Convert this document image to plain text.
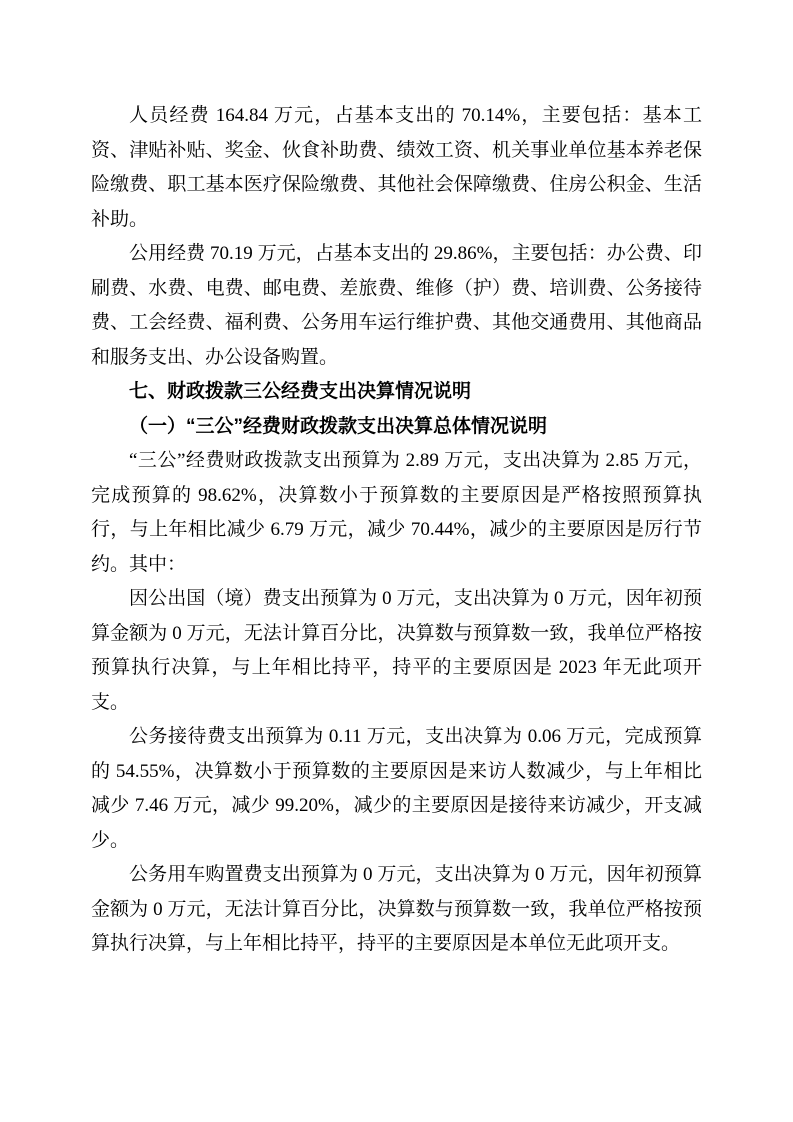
人员经费 164.84 万元，占基本支出的 70.14%，主要包括：基本工资、津贴补贴、奖金、伙食补助费、绩效工资、机关事业单位基本养老保险缴费、职工基本医疗保险缴费、其他社会保障缴费、住房公积金、生活补助。

公用经费 70.19 万元，占基本支出的 29.86%，主要包括：办公费、印刷费、水费、电费、邮电费、差旅费、维修（护）费、培训费、公务接待费、工会经费、福利费、公务用车运行维护费、其他交通费用、其他商品和服务支出、办公设备购置。

七、财政拨款三公经费支出决算情况说明

（一）“三公”经费财政拨款支出决算总体情况说明

“三公”经费财政拨款支出预算为 2.89 万元，支出决算为 2.85 万元，完成预算的 98.62%，决算数小于预算数的主要原因是严格按照预算执行，与上年相比减少 6.79 万元，减少 70.44%，减少的主要原因是厉行节约。其中：

因公出国（境）费支出预算为 0 万元，支出决算为 0 万元，因年初预算金额为 0 万元，无法计算百分比，决算数与预算数一致，我单位严格按预算执行决算，与上年相比持平，持平的主要原因是 2023 年无此项开支。

公务接待费支出预算为 0.11 万元，支出决算为 0.06 万元，完成预算的 54.55%，决算数小于预算数的主要原因是来访人数减少，与上年相比减少 7.46 万元，减少 99.20%，减少的主要原因是接待来访减少，开支减少。

公务用车购置费支出预算为 0 万元，支出决算为 0 万元，因年初预算金额为 0 万元，无法计算百分比，决算数与预算数一致，我单位严格按预算执行决算，与上年相比持平，持平的主要原因是本单位无此项开支。
